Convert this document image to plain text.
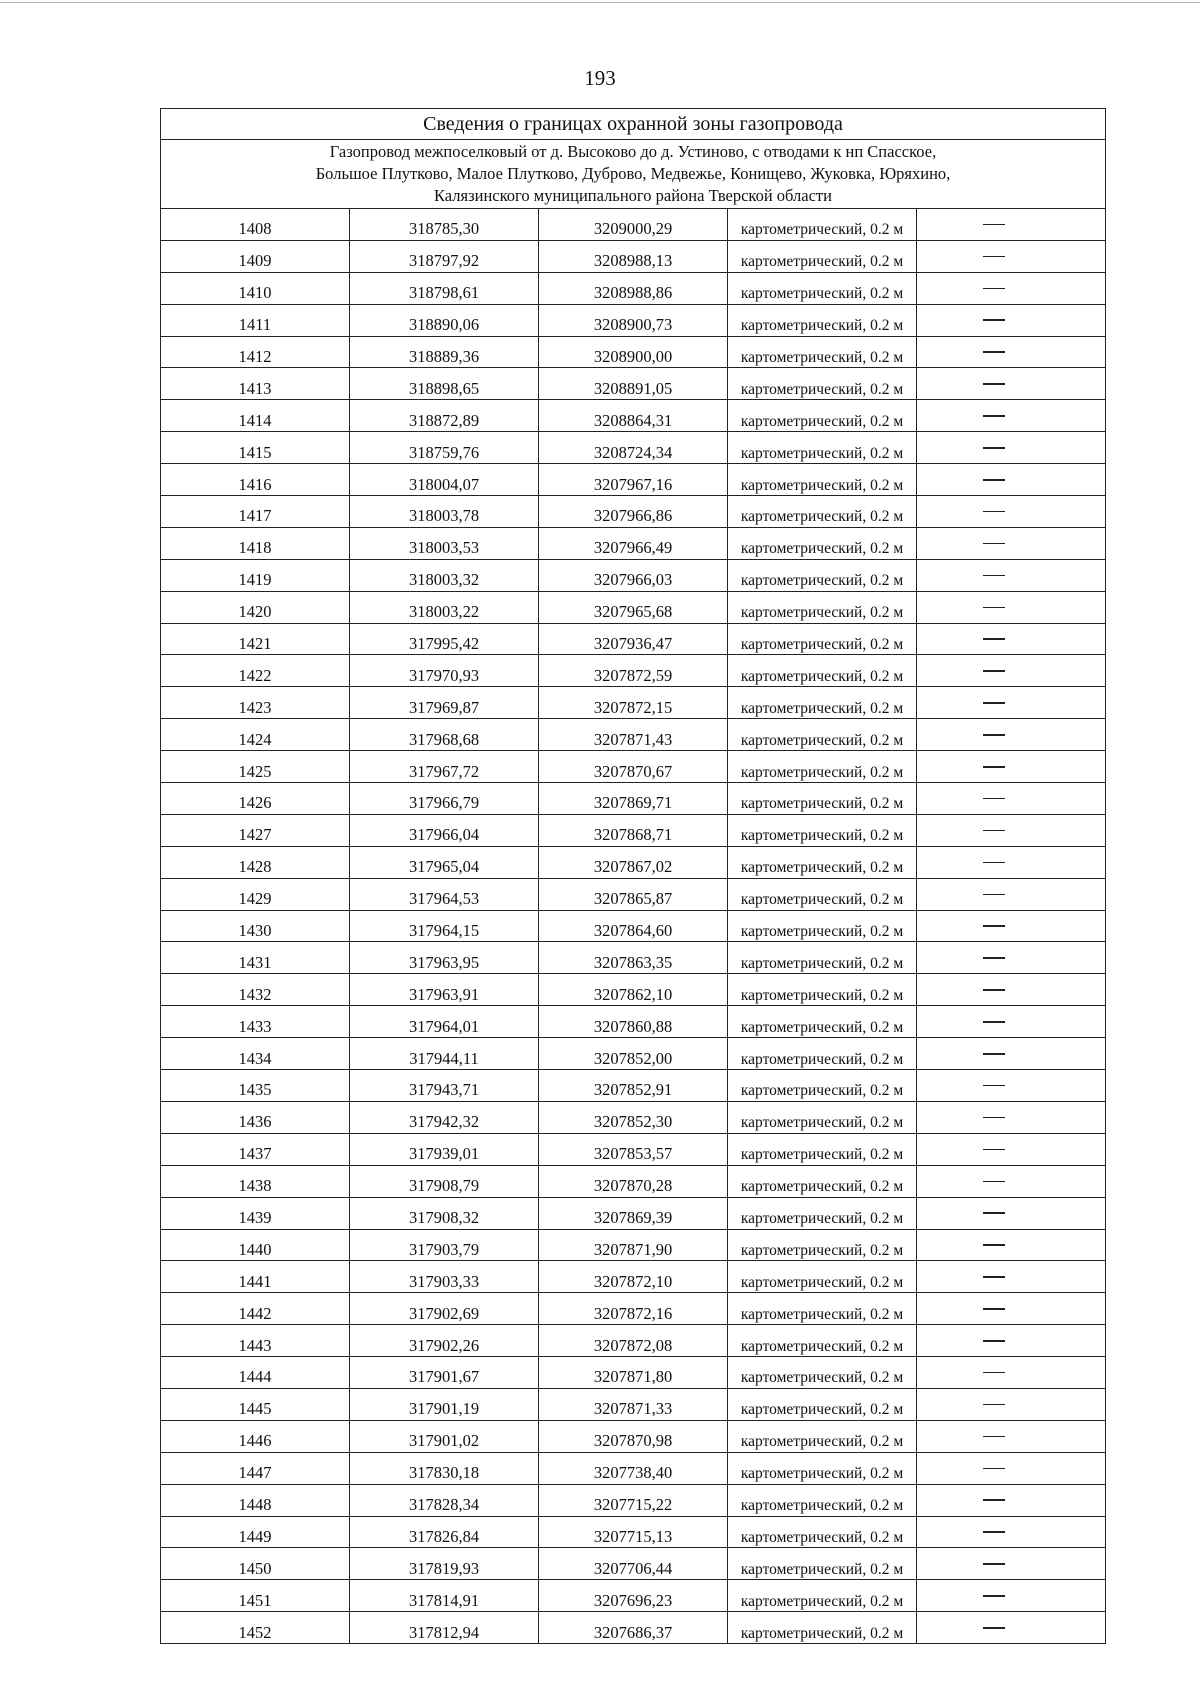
193
Сведения о границах охранной зоны газопровода				
Газопровод межпоселковый от д. Высоково до д. Устиново, с отводами к нп Спасское,
Большое Плутково, Малое Плутково, Дуброво, Медвежье, Конищево, Жуковка, Юряхино,
Калязинского муниципального района Тверской области				
1408	318785,30	3209000,29	картометрический, 0.2 м	
1409	318797,92	3208988,13	картометрический, 0.2 м	
1410	318798,61	3208988,86	картометрический, 0.2 м	
1411	318890,06	3208900,73	картометрический, 0.2 м	
1412	318889,36	3208900,00	картометрический, 0.2 м	
1413	318898,65	3208891,05	картометрический, 0.2 м	
1414	318872,89	3208864,31	картометрический, 0.2 м	
1415	318759,76	3208724,34	картометрический, 0.2 м	
1416	318004,07	3207967,16	картометрический, 0.2 м	
1417	318003,78	3207966,86	картометрический, 0.2 м	
1418	318003,53	3207966,49	картометрический, 0.2 м	
1419	318003,32	3207966,03	картометрический, 0.2 м	
1420	318003,22	3207965,68	картометрический, 0.2 м	
1421	317995,42	3207936,47	картометрический, 0.2 м	
1422	317970,93	3207872,59	картометрический, 0.2 м	
1423	317969,87	3207872,15	картометрический, 0.2 м	
1424	317968,68	3207871,43	картометрический, 0.2 м	
1425	317967,72	3207870,67	картометрический, 0.2 м	
1426	317966,79	3207869,71	картометрический, 0.2 м	
1427	317966,04	3207868,71	картометрический, 0.2 м	
1428	317965,04	3207867,02	картометрический, 0.2 м	
1429	317964,53	3207865,87	картометрический, 0.2 м	
1430	317964,15	3207864,60	картометрический, 0.2 м	
1431	317963,95	3207863,35	картометрический, 0.2 м	
1432	317963,91	3207862,10	картометрический, 0.2 м	
1433	317964,01	3207860,88	картометрический, 0.2 м	
1434	317944,11	3207852,00	картометрический, 0.2 м	
1435	317943,71	3207852,91	картометрический, 0.2 м	
1436	317942,32	3207852,30	картометрический, 0.2 м	
1437	317939,01	3207853,57	картометрический, 0.2 м	
1438	317908,79	3207870,28	картометрический, 0.2 м	
1439	317908,32	3207869,39	картометрический, 0.2 м	
1440	317903,79	3207871,90	картометрический, 0.2 м	
1441	317903,33	3207872,10	картометрический, 0.2 м	
1442	317902,69	3207872,16	картометрический, 0.2 м	
1443	317902,26	3207872,08	картометрический, 0.2 м	
1444	317901,67	3207871,80	картометрический, 0.2 м	
1445	317901,19	3207871,33	картометрический, 0.2 м	
1446	317901,02	3207870,98	картометрический, 0.2 м	
1447	317830,18	3207738,40	картометрический, 0.2 м	
1448	317828,34	3207715,22	картометрический, 0.2 м	
1449	317826,84	3207715,13	картометрический, 0.2 м	
1450	317819,93	3207706,44	картометрический, 0.2 м	
1451	317814,91	3207696,23	картометрический, 0.2 м	
1452	317812,94	3207686,37	картометрический, 0.2 м	
